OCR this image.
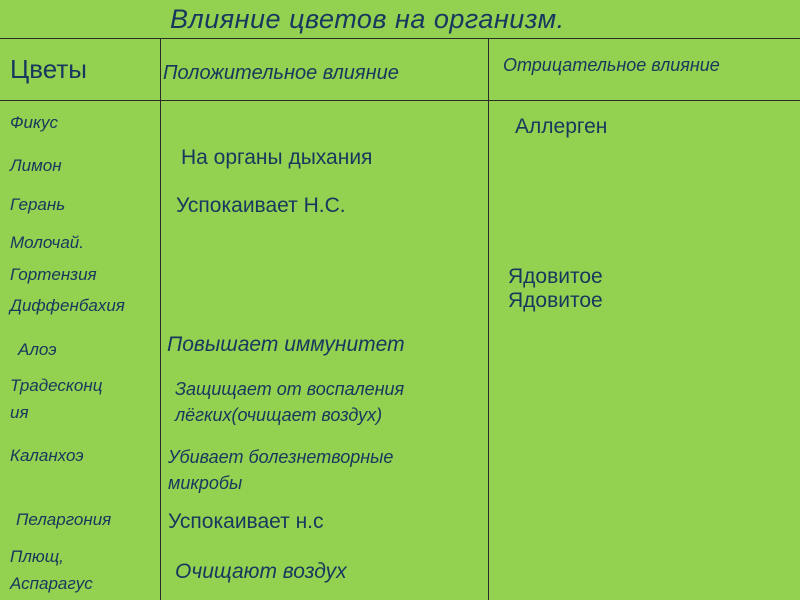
Влияние цветов на организм.
Цветы	Положительное влияние	Отрицательное влияние
Фикус
Лимон
Герань
Молочай.
Гортензия
Диффенбахия
Алоэ
Традесконц
ия
Каланхоэ
Пеларгония
Плющ,
Аспарагус
На органы дыхания
Успокаивает Н.С.
Повышает иммунитет
Защищает от воспаления лёгких(очищает воздух)
Убивает болезнетворные микробы
Успокаивает н.с
Очищают воздух
Аллерген
Ядовитое
Ядовитое
